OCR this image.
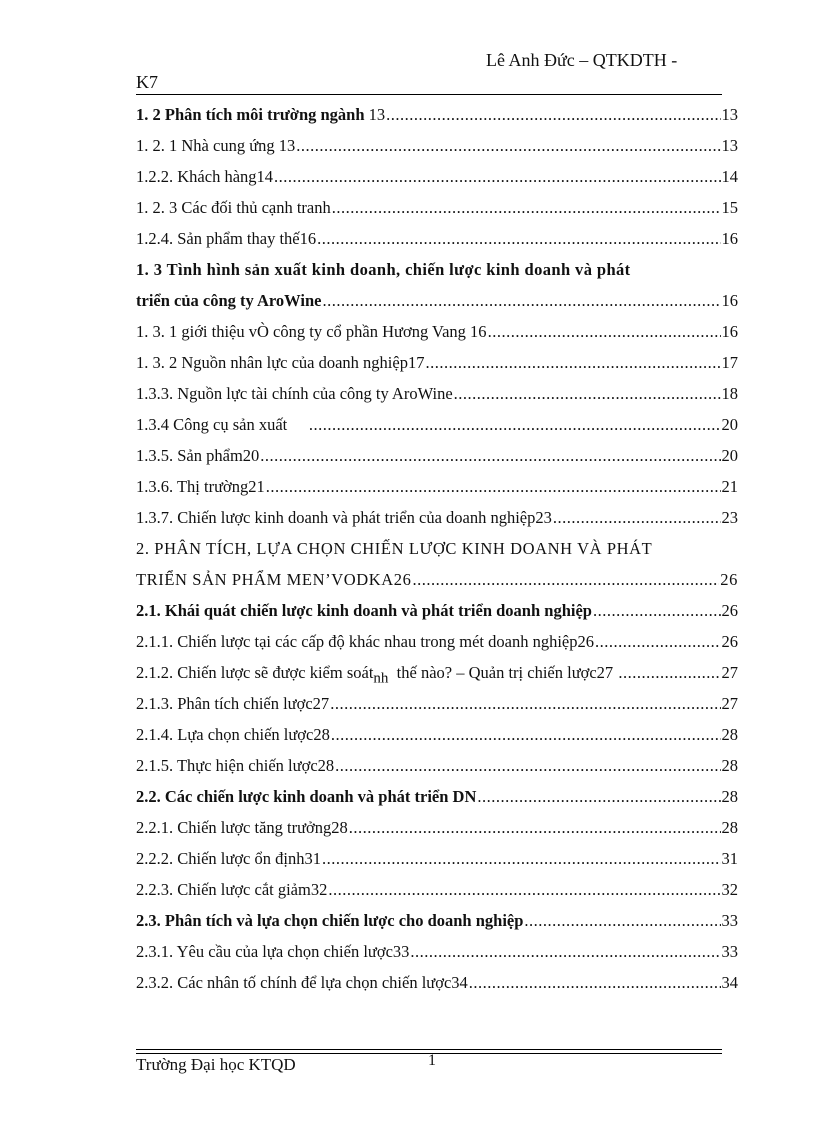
Lê Anh Đức – QTKDTH -
K7
1. 2 Phân tích môi trường ngành 13 .....	13
1. 2. 1 Nhà cung ứng 13 .....	13
1.2.2. Khách hàng14 .....	14
1. 2. 3 Các đối thủ cạnh tranh .....	15
1.2.4. Sản phẩm thay thế16 .....	16
1. 3 Tình hình sản xuất kinh doanh, chiến lược kinh doanh và phát
triển của công ty AroWine .....	16
1. 3. 1 giới thiệu vÒ công ty cổ phần Hương Vang 16 .....	16
1. 3. 2 Nguồn nhân lực của doanh nghiệp17 .....	17
1.3.3. Nguồn lực tài chính của công ty AroWine .....	18
1.3.4 Công cụ sản xuất .....	20
1.3.5. Sản phẩm20 .....	20
1.3.6. Thị trường21 .....	21
1.3.7. Chiến lược kinh doanh và phát triển của doanh nghiệp23 .....	23
2. PHÂN TÍCH, LỰA CHỌN CHIẾN LƯỢC KINH DOANH VÀ PHÁT
TRIỂN SẢN PHẨM MEN’VODKA26 .....	26
2.1. Khái quát chiến lược kinh doanh và phát triển doanh nghiệp .....	26
2.1.1. Chiến lược tại các cấp độ khác nhau trong mét doanh nghiệp26 .....	26
2.1.2. Chiến lược sẽ được kiểm soát$_{nh}$  thế nào? – Quản trị chiến lược27 .....	27
2.1.3. Phân tích chiến lược27 .....	27
2.1.4. Lựa chọn chiến lược28 .....	28
2.1.5. Thực hiện chiến lược28 .....	28
2.2. Các chiến lược kinh doanh và phát triển DN .....	28
2.2.1. Chiến lược tăng trưởng28 .....	28
2.2.2. Chiến lược ổn định31 .....	31
2.2.3. Chiến lược cắt giảm32 .....	32
2.3. Phân tích và lựa chọn chiến lược cho doanh nghiệp .....	33
2.3.1. Yêu cầu của lựa chọn chiến lược33 .....	33
2.3.2. Các nhân tố chính để lựa chọn chiến lược34 .....	34
Trường Đại học KTQD	1
